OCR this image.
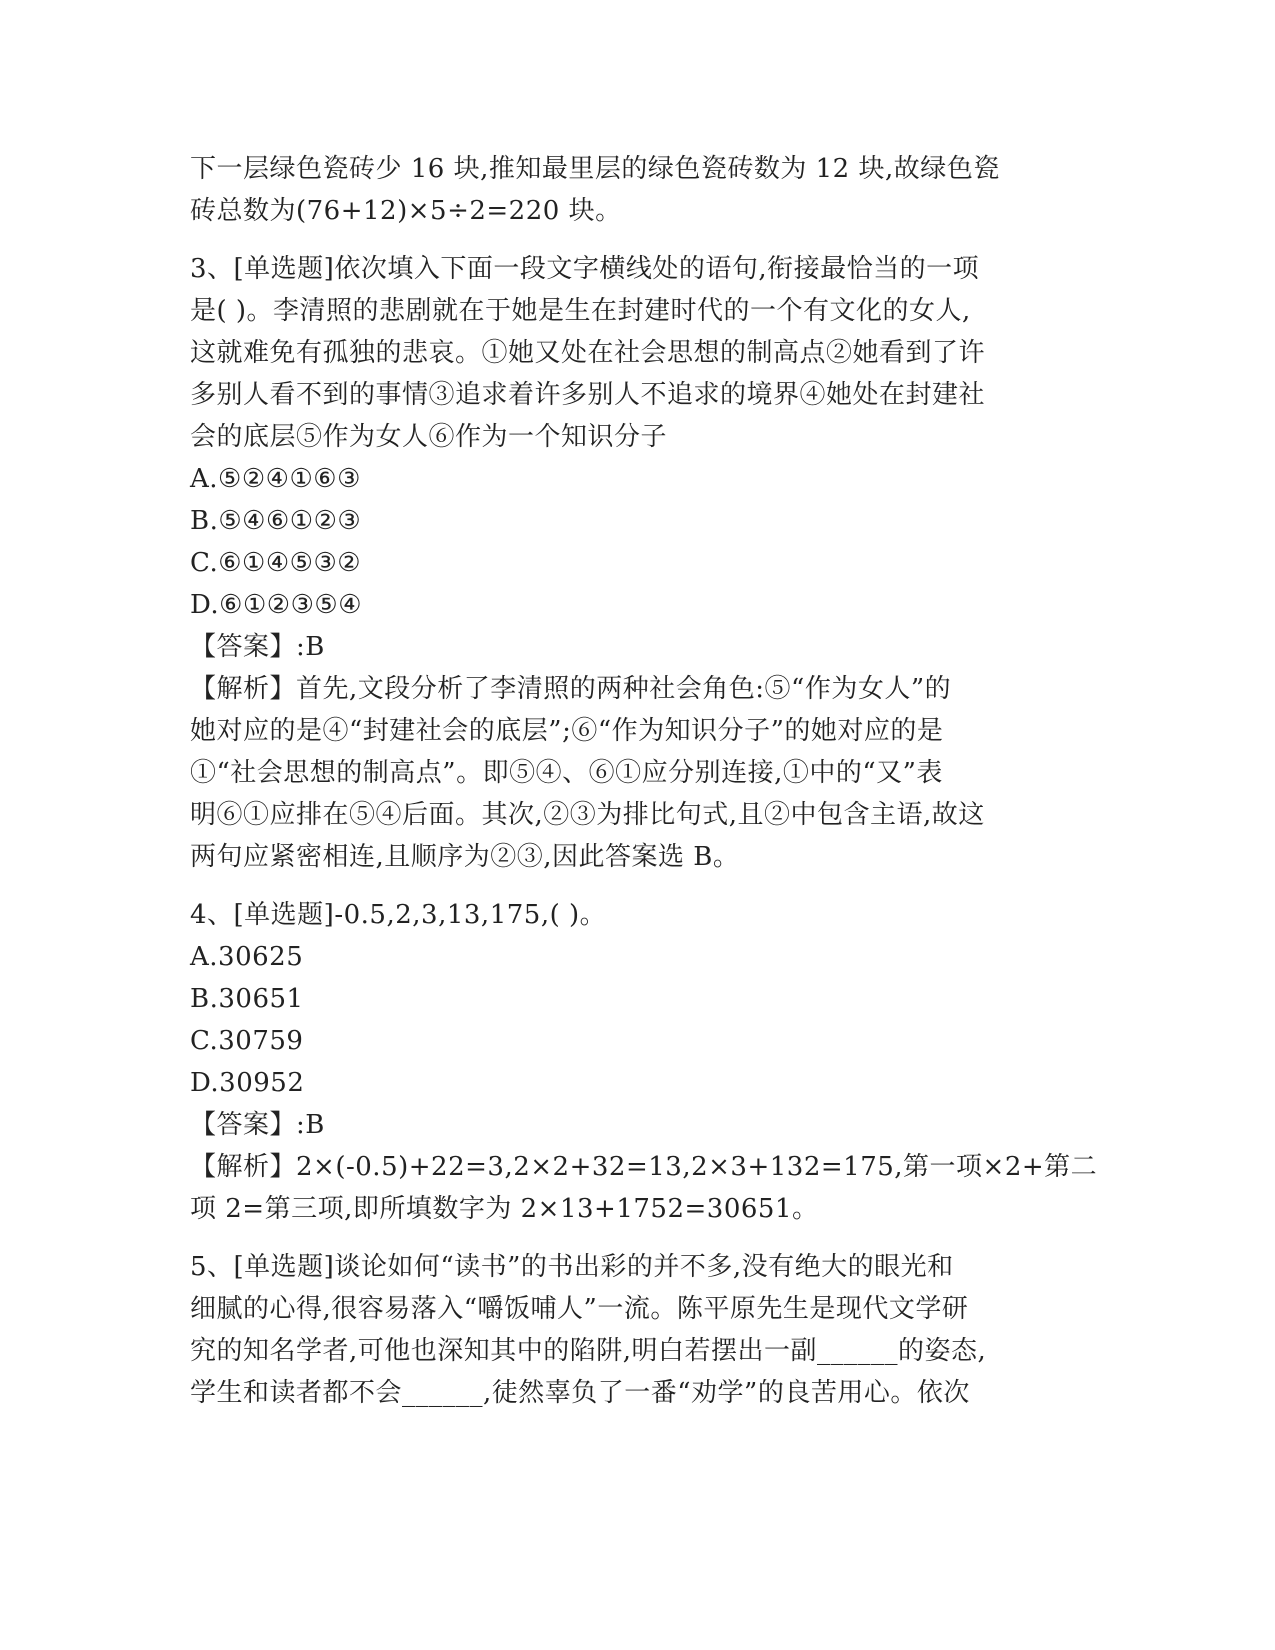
下一层绿色瓷砖少 16 块,推知最里层的绿色瓷砖数为 12 块,故绿色瓷
砖总数为(76+12)×5÷2=220 块。
3、[单选题]依次填入下面一段文字横线处的语句,衔接最恰当的一项
是( )。李清照的悲剧就在于她是生在封建时代的一个有文化的女人,
这就难免有孤独的悲哀。①她又处在社会思想的制高点②她看到了许
多别人看不到的事情③追求着许多别人不追求的境界④她处在封建社
会的底层⑤作为女人⑥作为一个知识分子
A.⑤②④①⑥③
B.⑤④⑥①②③
C.⑥①④⑤③②
D.⑥①②③⑤④
【答案】:B
【解析】首先,文段分析了李清照的两种社会角色:⑤“作为女人”的
她对应的是④“封建社会的底层”;⑥“作为知识分子”的她对应的是
①“社会思想的制高点”。即⑤④、⑥①应分别连接,①中的“又”表
明⑥①应排在⑤④后面。其次,②③为排比句式,且②中包含主语,故这
两句应紧密相连,且顺序为②③,因此答案选 B。
4、[单选题]-0.5,2,3,13,175,( )。
A.30625
B.30651
C.30759
D.30952
【答案】:B
【解析】2×(-0.5)+22=3,2×2+32=13,2×3+132=175,第一项×2+第二
项 2=第三项,即所填数字为 2×13+1752=30651。
5、[单选题]谈论如何“读书”的书出彩的并不多,没有绝大的眼光和
细腻的心得,很容易落入“嚼饭哺人”一流。陈平原先生是现代文学研
究的知名学者,可他也深知其中的陷阱,明白若摆出一副______的姿态,
学生和读者都不会______,徒然辜负了一番“劝学”的良苦用心。依次
